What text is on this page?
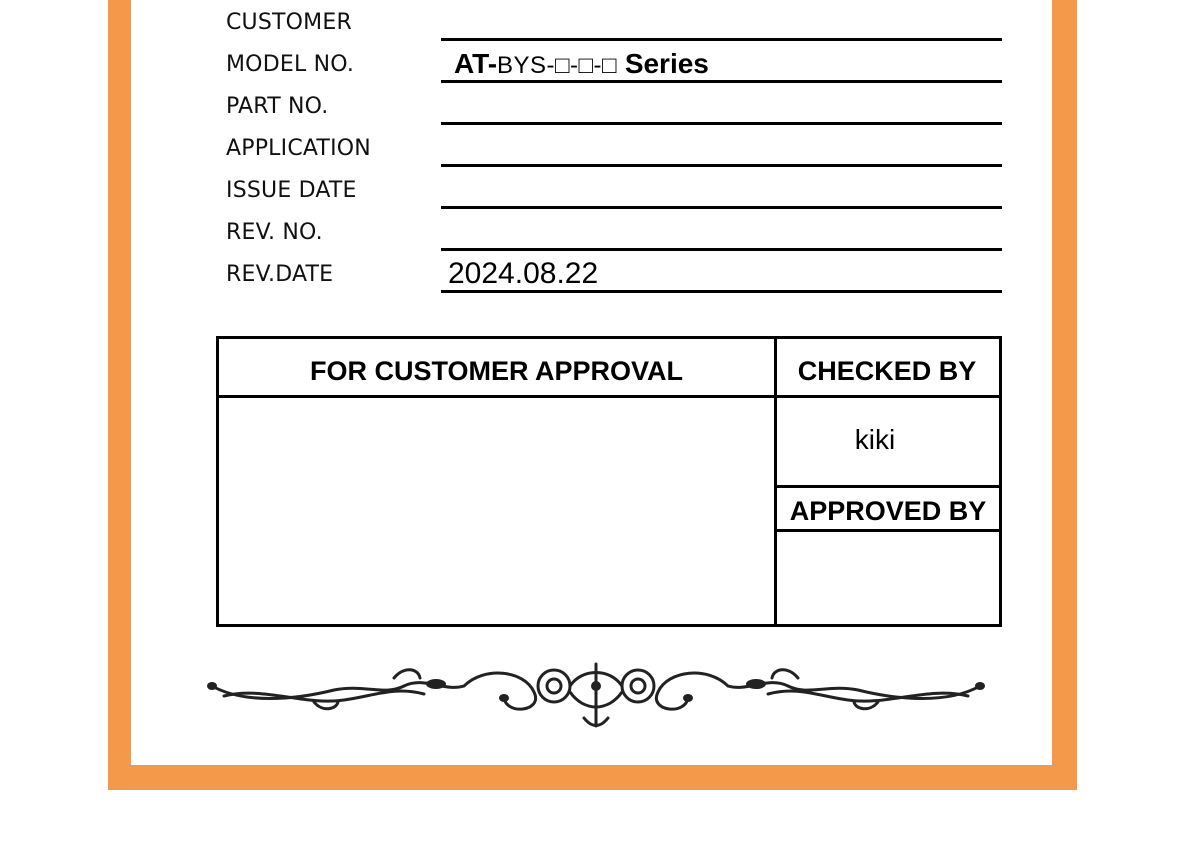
CUSTOMER
MODEL NO.
PART NO.
APPLICATION
ISSUE DATE
REV. NO.
REV.DATE
AT-BYS-□-□-□ Series
2024.08.22
FOR CUSTOMER APPROVAL	CHECKED BY
kiki
APPROVED BY
